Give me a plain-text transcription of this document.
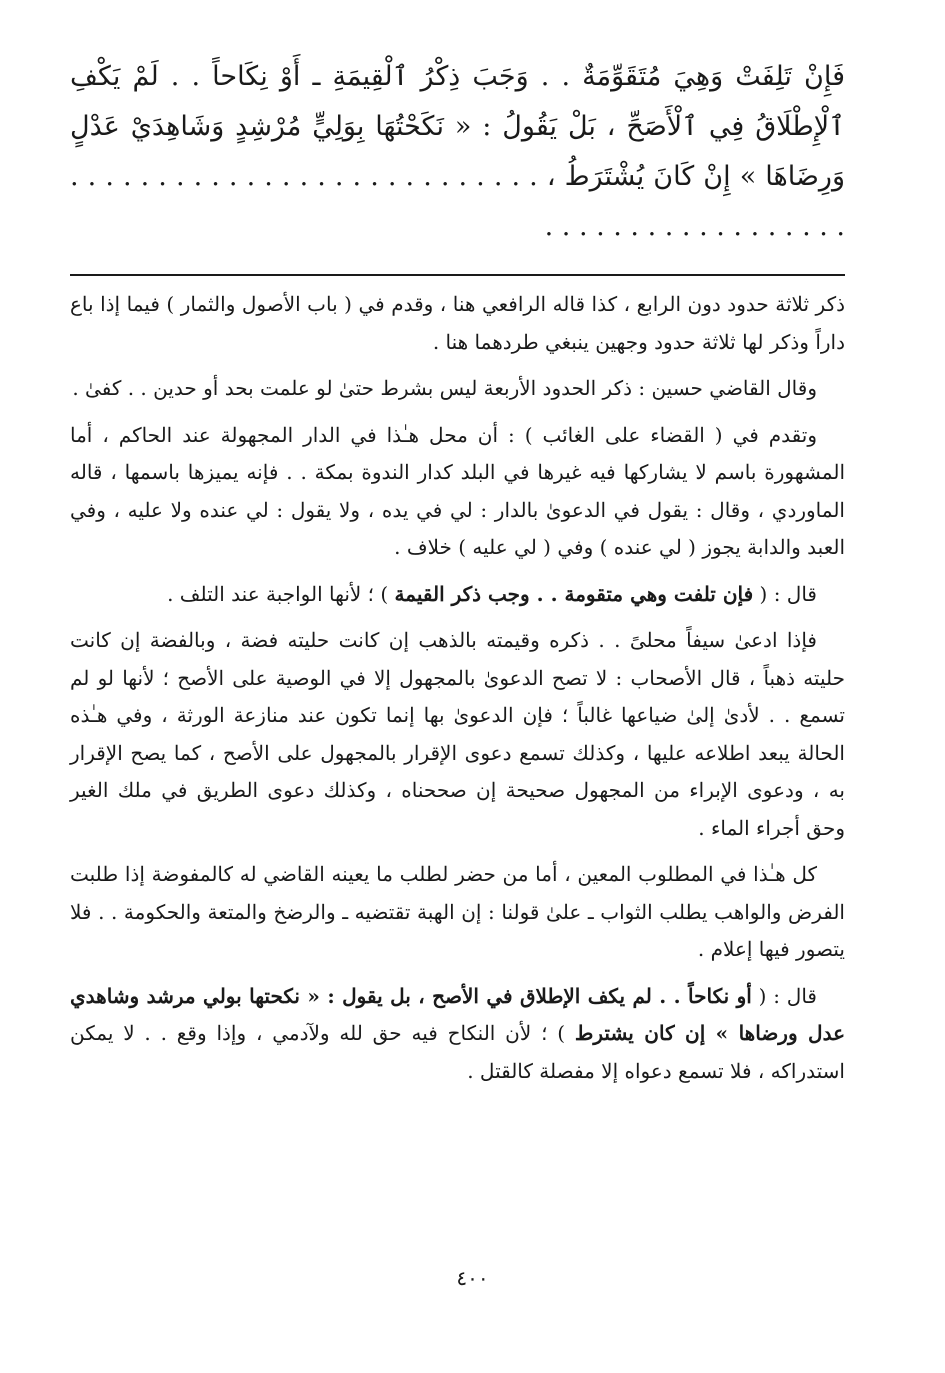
فَإِنْ تَلِفَتْ وَهِيَ مُتَقَوِّمَةٌ . . وَجَبَ ذِكْرُ ٱلْقِيمَةِ ـ أَوْ نِكَاحاً . . لَمْ يَكْفِ ٱلْإِطْلَاقُ فِي ٱلْأَصَحِّ ، بَلْ يَقُولُ : « نَكَحْتُهَا بِوَلِيٍّ مُرْشِدٍ وَشَاهِدَيْ عَدْلٍ وَرِضَاهَا » إِنْ كَانَ يُشْتَرَطُ ، . . . . . . . . . . . . . . . . . . . . . . . . . . . . . . . . . . . . . . . . . . . . .

ذكر ثلاثة حدود دون الرابع ، كذا قاله الرافعي هنا ، وقدم في ( باب الأصول والثمار ) فيما إذا باع داراً وذكر لها ثلاثة حدود وجهين ينبغي طردهما هنا .

وقال القاضي حسين : ذكر الحدود الأربعة ليس بشرط حتىٰ لو علمت بحد أو حدين . . كفىٰ .

وتقدم في ( القضاء على الغائب ) : أن محل هـٰذا في الدار المجهولة عند الحاكم ، أما المشهورة باسم لا يشاركها فيه غيرها في البلد كدار الندوة بمكة . . فإنه يميزها باسمها ، قاله الماوردي ، وقال : يقول في الدعوىٰ بالدار : لي في يده ، ولا يقول : لي عنده ولا عليه ، وفي العبد والدابة يجوز ( لي عنده ) وفي ( لي عليه ) خلاف .

قال : ( فإن تلفت وهي متقومة . . وجب ذكر القيمة ) ؛ لأنها الواجبة عند التلف .

فإذا ادعىٰ سيفاً محلىً . . ذكره وقيمته بالذهب إن كانت حليته فضة ، وبالفضة إن كانت حليته ذهباً ، قال الأصحاب : لا تصح الدعوىٰ بالمجهول إلا في الوصية على الأصح ؛ لأنها لو لم تسمع . . لأدىٰ إلىٰ ضياعها غالباً ؛ فإن الدعوىٰ بها إنما تكون عند منازعة الورثة ، وفي هـٰذه الحالة يبعد اطلاعه عليها ، وكذلك تسمع دعوى الإقرار بالمجهول على الأصح ، كما يصح الإقرار به ، ودعوى الإبراء من المجهول صحيحة إن صححناه ، وكذلك دعوى الطريق في ملك الغير وحق أجراء الماء .

كل هـٰذا في المطلوب المعين ، أما من حضر لطلب ما يعينه القاضي له كالمفوضة إذا طلبت الفرض والواهب يطلب الثواب ـ علىٰ قولنا : إن الهبة تقتضيه ـ والرضخ والمتعة والحكومة . . فلا يتصور فيها إعلام .

قال : ( أو نكاحاً . . لم يكف الإطلاق في الأصح ، بل يقول : « نكحتها بولي مرشد وشاهدي عدل ورضاها » إن كان يشترط ) ؛ لأن النكاح فيه حق لله ولآدمي ، وإذا وقع . . لا يمكن استدراكه ، فلا تسمع دعواه إلا مفصلة كالقتل .

٤٠٠
